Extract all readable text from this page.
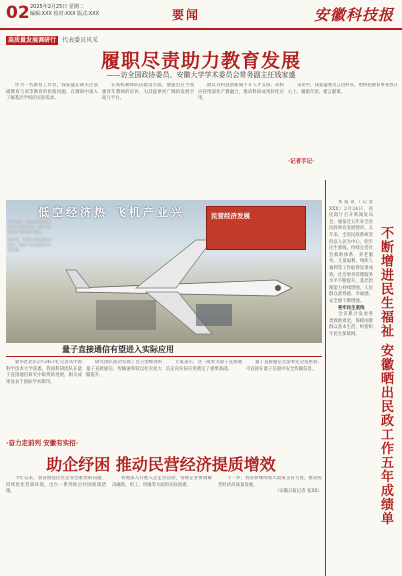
02 2025年2月25日 星期二
编辑:XXX 校对:XXX 版式:XXX	要闻	安徽科技报
高质量发展调研行 代表委员风采
履职尽责助力教育发展
——访全国政协委员、安徽大学学术委员会常务副主任钱家盛

作为一名教育工作者，钱家盛长期关注基础教育与高等教育的衔接问题，在调研中深入了解基层学校的实际需求。

在高校教师队伍建设方面，他提出应当加强青年教师的培养，为其提供更广阔的发展空间与平台。

他认为科技创新离不开人才支撑，高校应持续深化产教融合，推动科研成果转化应用。

采访中，钱家盛委员言语朴实，始终把教育事业放在心上，履职尽责、建言献策。

·记者手记·
低空经济热 飞机产业兴

3月18日，安徽省怀远县某航空产业园区内，工作人员正在对飞机进行调试。

近年来，当地大力发展低空经济，航空产业集聚效应不断显现。

民营经济发展
量子直接通信有望进入实际应用

新华社北京2月24日电 记者从中国科学技术大学获悉，我国科研团队在量子直接通信研究中取得新进展，相关成果发表于国际学术期刊。

研究团队成功实现了百公里级别的量子直接通信，传输速率较以往实验大幅提升。

专家表示，这一成果为量子直接通信走向实际应用奠定了重要基础。

量子直接通信无需事先分发密钥，可直接在量子信道中安全传输信息。

·奋力走前列 安徽有实招·
助企纾困 推动民营经济提质增效

今年以来，我省围绕民营企业急难愁盼问题，持续优化营商环境，出台一系列助企纾困政策措施。

各地深入开展入企走访活动，帮助企业协调解决融资、用工、用地等方面的实际困难。

下一步，我省将继续加大政策支持力度，推动民营经济高质量发展。

（安徽日报记者 张XX）

本报讯（记者 XXX）2月24日，省民政厅召开新闻发布会，通报近五年来全省民政事业发展情况。五年来，全省民政系统坚持以人民为中心，兜牢民生底线，持续完善社会救助体系，养老服务、儿童福利、残疾人福利等工作取得显著成效。社会事务管理服务水平不断提升，基层治理能力持续增强，人民群众获得感、幸福感、安全感不断增强。

兜牢民生底线

全省累计发放各类救助资金，保障困难群众基本生活，织密织牢民生保障网。	不断增进民生福祉 安徽晒出民政工作五年成绩单
